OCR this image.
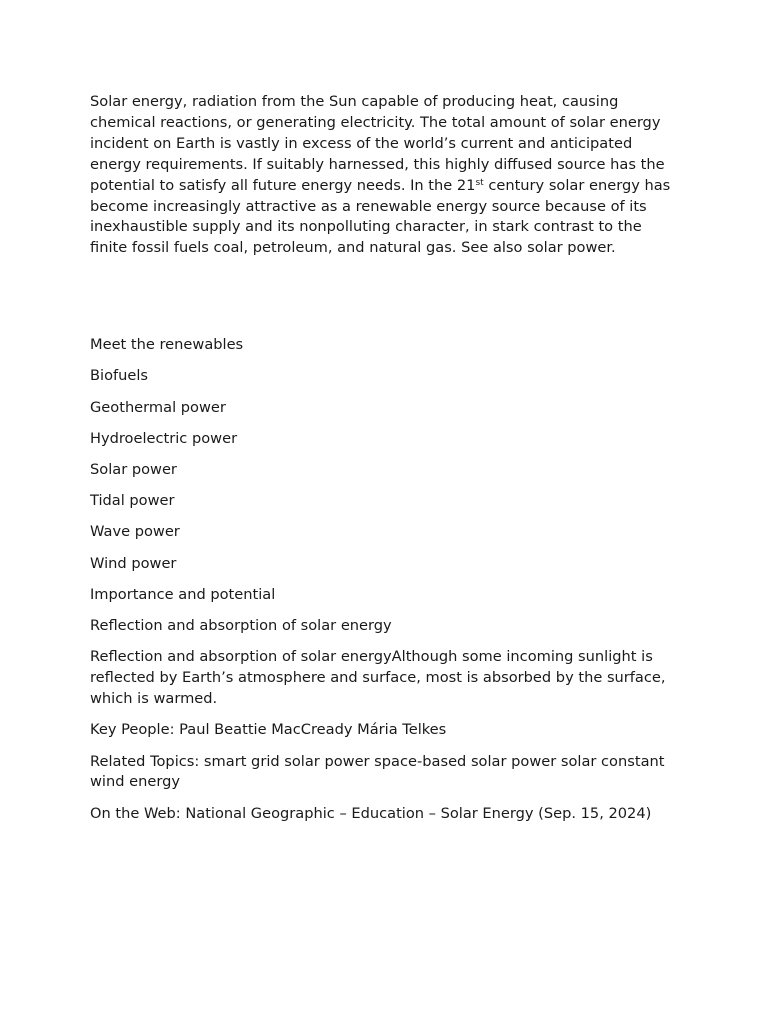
Solar energy, radiation from the Sun capable of producing heat, causing chemical reactions, or generating electricity. The total amount of solar energy incident on Earth is vastly in excess of the world’s current and anticipated energy requirements. If suitably harnessed, this highly diffused source has the potential to satisfy all future energy needs. In the 21st century solar energy has become increasingly attractive as a renewable energy source because of its inexhaustible supply and its nonpolluting character, in stark contrast to the finite fossil fuels coal, petroleum, and natural gas. See also solar power.

Meet the renewables

Biofuels

Geothermal power

Hydroelectric power

Solar power

Tidal power

Wave power

Wind power

Importance and potential

Reflection and absorption of solar energy

Reflection and absorption of solar energyAlthough some incoming sunlight is reflected by Earth’s atmosphere and surface, most is absorbed by the surface, which is warmed.

Key People: Paul Beattie MacCready Mária Telkes

Related Topics: smart grid solar power space-based solar power solar constant wind energy

On the Web: National Geographic – Education – Solar Energy (Sep. 15, 2024)
